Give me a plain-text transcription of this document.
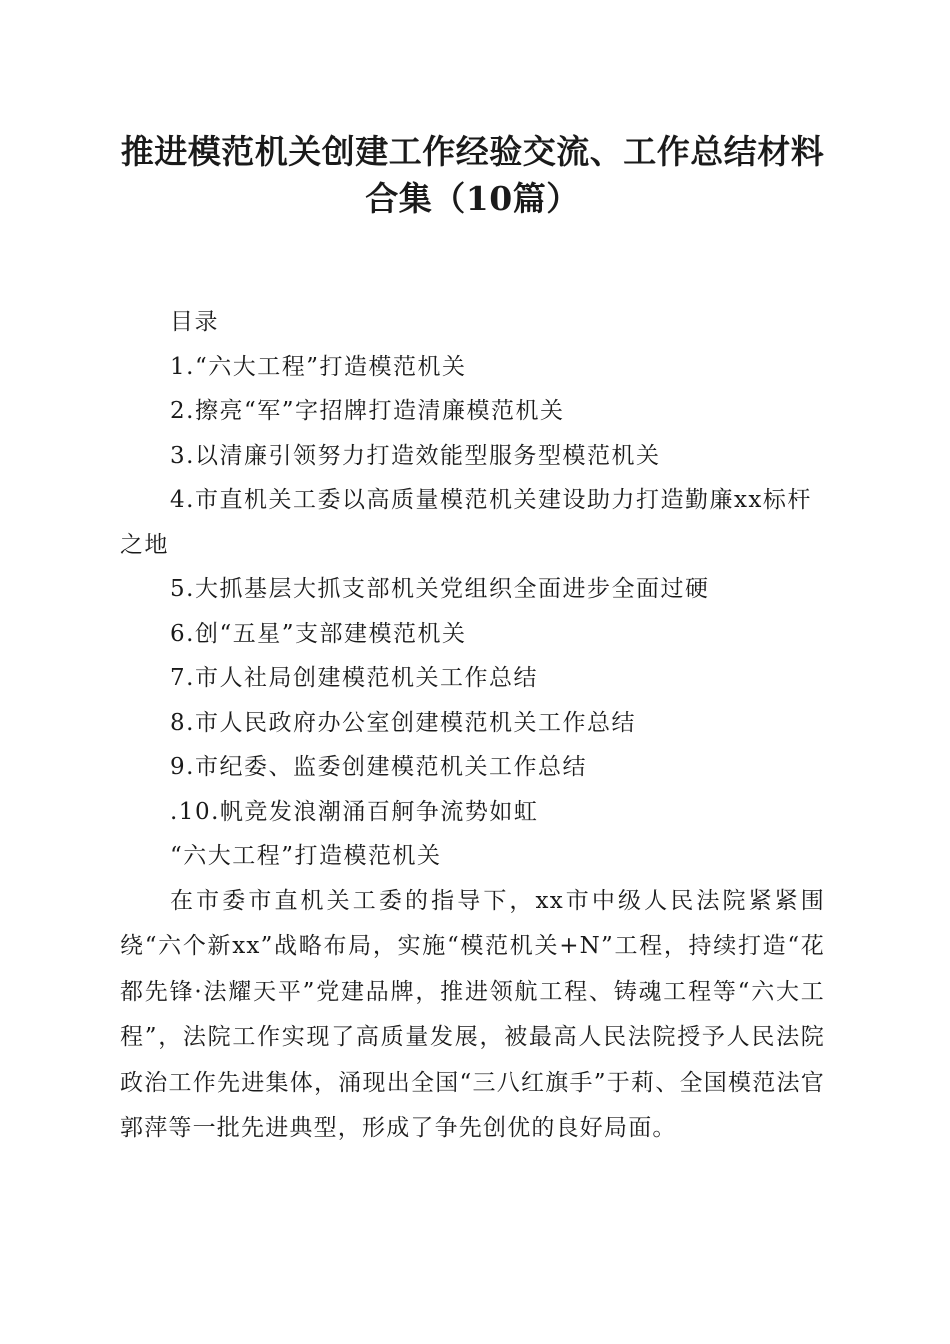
推进模范机关创建工作经验交流、工作总结材料合集（10篇）
目录
1.“六大工程”打造模范机关
2.擦亮“军”字招牌打造清廉模范机关
3.以清廉引领努力打造效能型服务型模范机关
4.市直机关工委以高质量模范机关建设助力打造勤廉xx标杆之地
5.大抓基层大抓支部机关党组织全面进步全面过硬
6.创“五星”支部建模范机关
7.市人社局创建模范机关工作总结
8.市人民政府办公室创建模范机关工作总结
9.市纪委、监委创建模范机关工作总结
.10.帆竞发浪潮涌百舸争流势如虹
“六大工程”打造模范机关

在市委市直机关工委的指导下，xx市中级人民法院紧紧围绕“六个新xx”战略布局，实施“模范机关+N”工程，持续打造“花都先锋·法耀天平”党建品牌，推进领航工程、铸魂工程等“六大工程”，法院工作实现了高质量发展，被最高人民法院授予人民法院政治工作先进集体，涌现出全国“三八红旗手”于莉、全国模范法官郭萍等一批先进典型，形成了争先创优的良好局面。
